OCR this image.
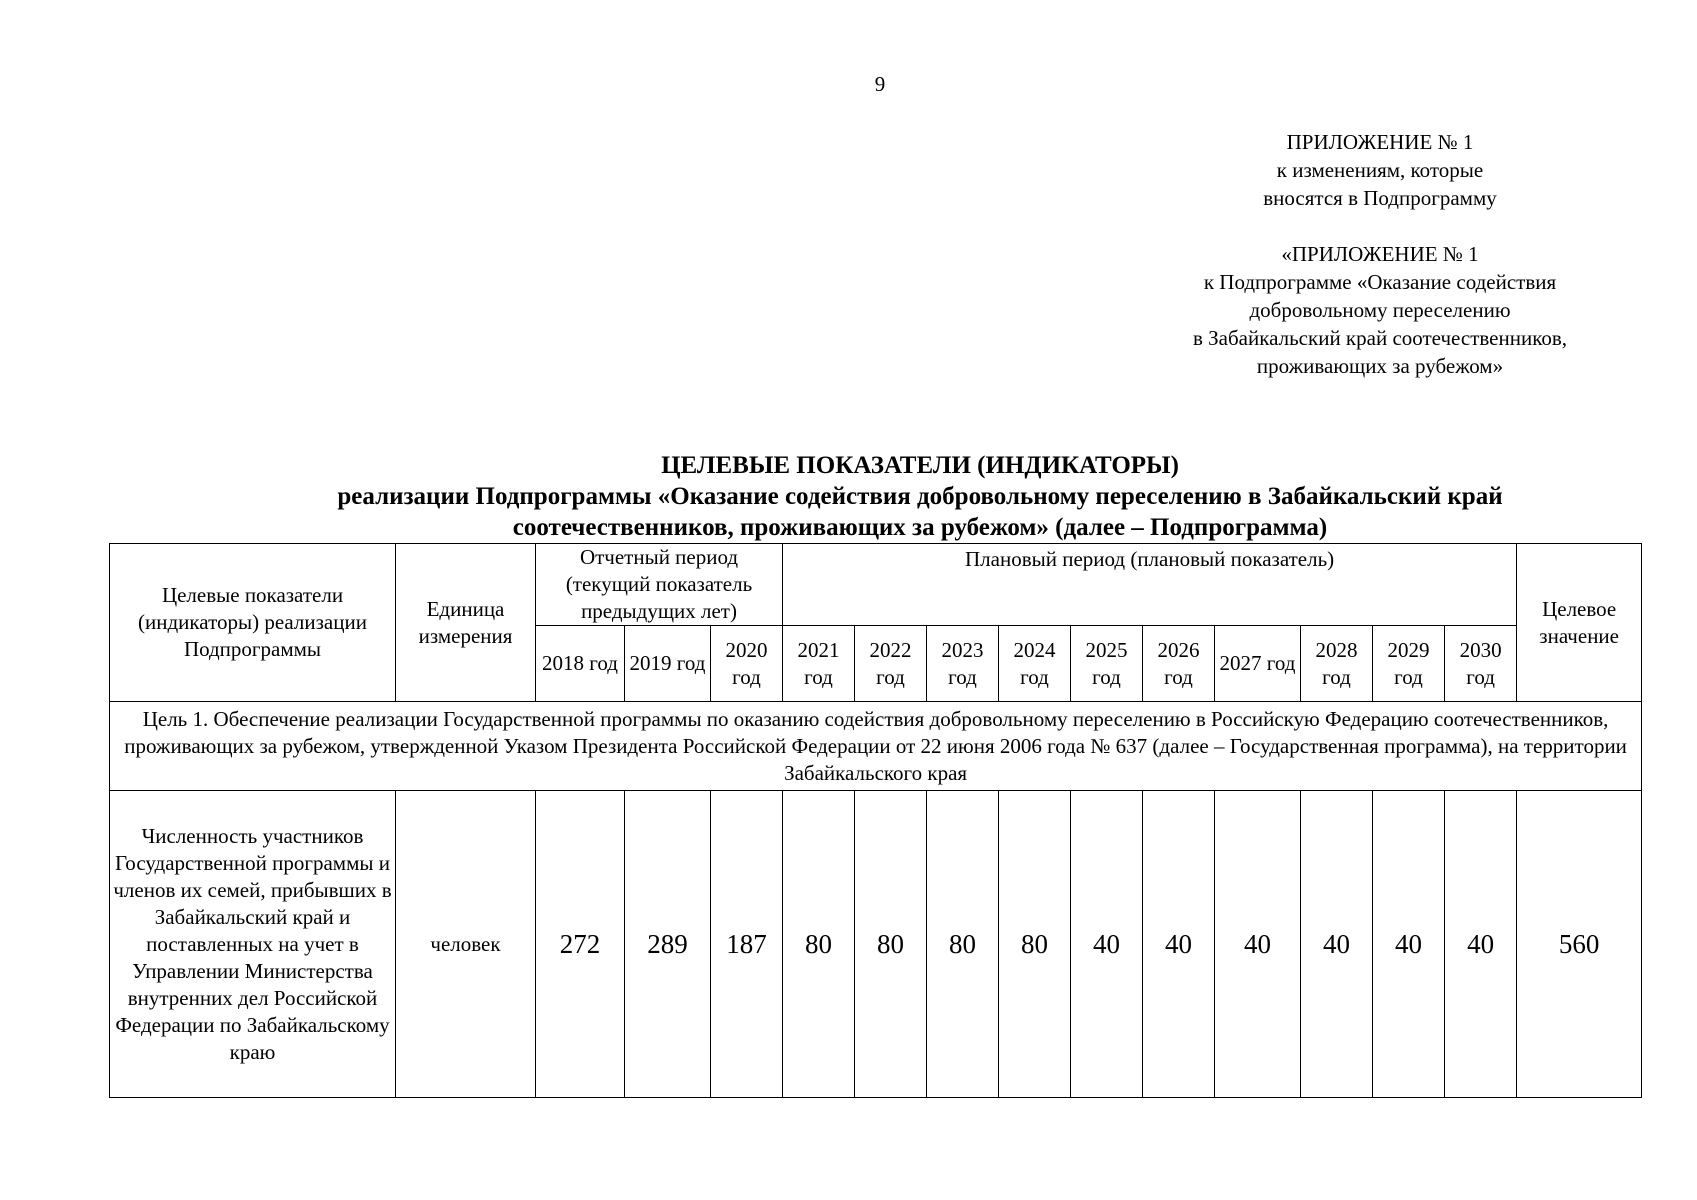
9
ПРИЛОЖЕНИЕ № 1
к изменениям, которые
вносятся в Подпрограмму
«ПРИЛОЖЕНИЕ № 1
к Подпрограмме «Оказание содействия
добровольному переселению
в Забайкальский край соотечественников,
проживающих за рубежом»
ЦЕЛЕВЫЕ ПОКАЗАТЕЛИ (ИНДИКАТОРЫ)
реализации Подпрограммы «Оказание содействия добровольному переселению в Забайкальский край
соотечественников, проживающих за рубежом» (далее – Подпрограмма)
Целевые показатели (индикаторы) реализации Подпрограммы	Единица измерения	Отчетный период (текущий показатель предыдущих лет)			Плановый период (плановый показатель)										Целевое значение
		2018 год	2019 год	2020 год	2021 год	2022 год	2023 год	2024 год	2025 год	2026 год	2027 год	2028 год	2029 год	2030 год	
Цель 1. Обеспечение реализации Государственной программы по оказанию содействия добровольному переселению в Российскую Федерацию соотечественников, проживающих за рубежом, утвержденной Указом Президента Российской Федерации от 22 июня 2006 года № 637 (далее – Государственная программа), на территории Забайкальского края															
Численность участников Государственной программы и членов их семей, прибывших в Забайкальский край и поставленных на учет в Управлении Министерства внутренних дел Российской Федерации по Забайкальскому краю	человек	272	289	187	80	80	80	80	40	40	40	40	40	40	560
